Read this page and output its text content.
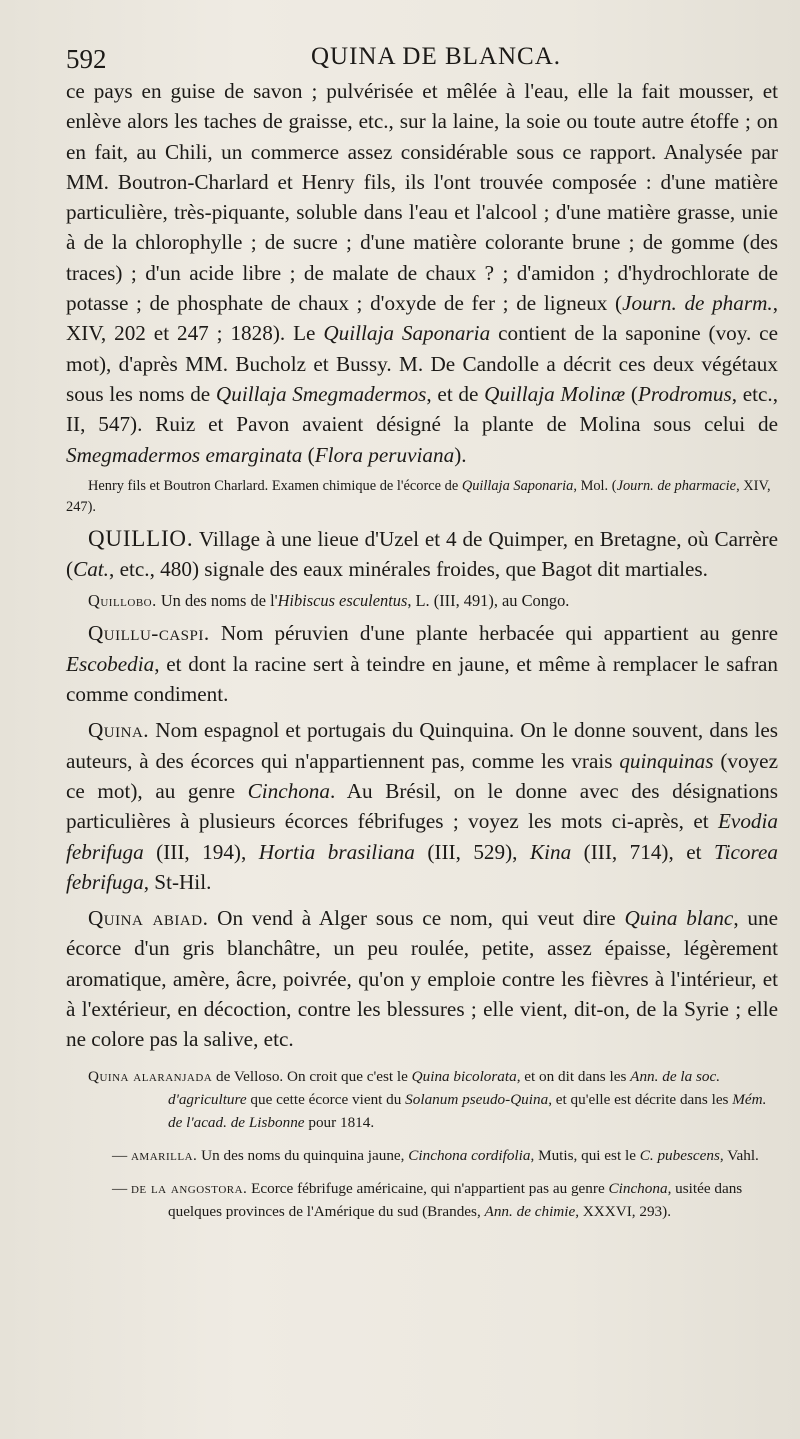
592	QUINA DE BLANCA.

ce pays en guise de savon ; pulvérisée et mêlée à l'eau, elle la fait mousser, et enlève alors les taches de graisse, etc., sur la laine, la soie ou toute autre étoffe ; on en fait, au Chili, un commerce assez considérable sous ce rapport. Analysée par MM. Boutron-Charlard et Henry fils, ils l'ont trouvée composée : d'une matière particulière, très-piquante, soluble dans l'eau et l'alcool ; d'une matière grasse, unie à de la chlorophylle ; de sucre ; d'une matière colorante brune ; de gomme (des traces) ; d'un acide libre ; de malate de chaux ? ; d'amidon ; d'hydrochlorate de potasse ; de phosphate de chaux ; d'oxyde de fer ; de ligneux (Journ. de pharm., XIV, 202 et 247 ; 1828). Le Quillaja Saponaria contient de la saponine (voy. ce mot), d'après MM. Bucholz et Bussy. M. De Candolle a décrit ces deux végétaux sous les noms de Quillaja Smegmadermos, et de Quillaja Molinæ (Prodromus, etc., II, 547). Ruiz et Pavon avaient désigné la plante de Molina sous celui de Smegmadermos emarginata (Flora peruviana).

Henry fils et Boutron Charlard. Examen chimique de l'écorce de Quillaja Saponaria, Mol. (Journ. de pharmacie, XIV, 247).

QUILLIO. Village à une lieue d'Uzel et 4 de Quimper, en Bretagne, où Carrère (Cat., etc., 480) signale des eaux minérales froides, que Bagot dit martiales.

Quillobo. Un des noms de l'Hibiscus esculentus, L. (III, 491), au Congo.

Quillu-caspi. Nom péruvien d'une plante herbacée qui appartient au genre Escobedia, et dont la racine sert à teindre en jaune, et même à remplacer le safran comme condiment.

Quina. Nom espagnol et portugais du Quinquina. On le donne souvent, dans les auteurs, à des écorces qui n'appartiennent pas, comme les vrais quinquinas (voyez ce mot), au genre Cinchona. Au Brésil, on le donne avec des désignations particulières à plusieurs écorces fébrifuges ; voyez les mots ci-après, et Evodia febrifuga (III, 194), Hortia brasiliana (III, 529), Kina (III, 714), et Ticorea febrifuga, St-Hil.

Quina abiad. On vend à Alger sous ce nom, qui veut dire Quina blanc, une écorce d'un gris blanchâtre, un peu roulée, petite, assez épaisse, légèrement aromatique, amère, âcre, poivrée, qu'on y emploie contre les fièvres à l'intérieur, et à l'extérieur, en décoction, contre les blessures ; elle vient, dit-on, de la Syrie ; elle ne colore pas la salive, etc.

Quina alaranjada de Velloso. On croit que c'est le Quina bicolorata, et on dit dans les Ann. de la soc. d'agriculture que cette écorce vient du Solanum pseudo-Quina, et qu'elle est décrite dans les Mém. de l'acad. de Lisbonne pour 1814.

— amarilla. Un des noms du quinquina jaune, Cinchona cordifolia, Mutis, qui est le C. pubescens, Vahl.

— de la angostora. Ecorce fébrifuge américaine, qui n'appartient pas au genre Cinchona, usitée dans quelques provinces de l'Amérique du sud (Brandes, Ann. de chimie, XXXVI, 293).
